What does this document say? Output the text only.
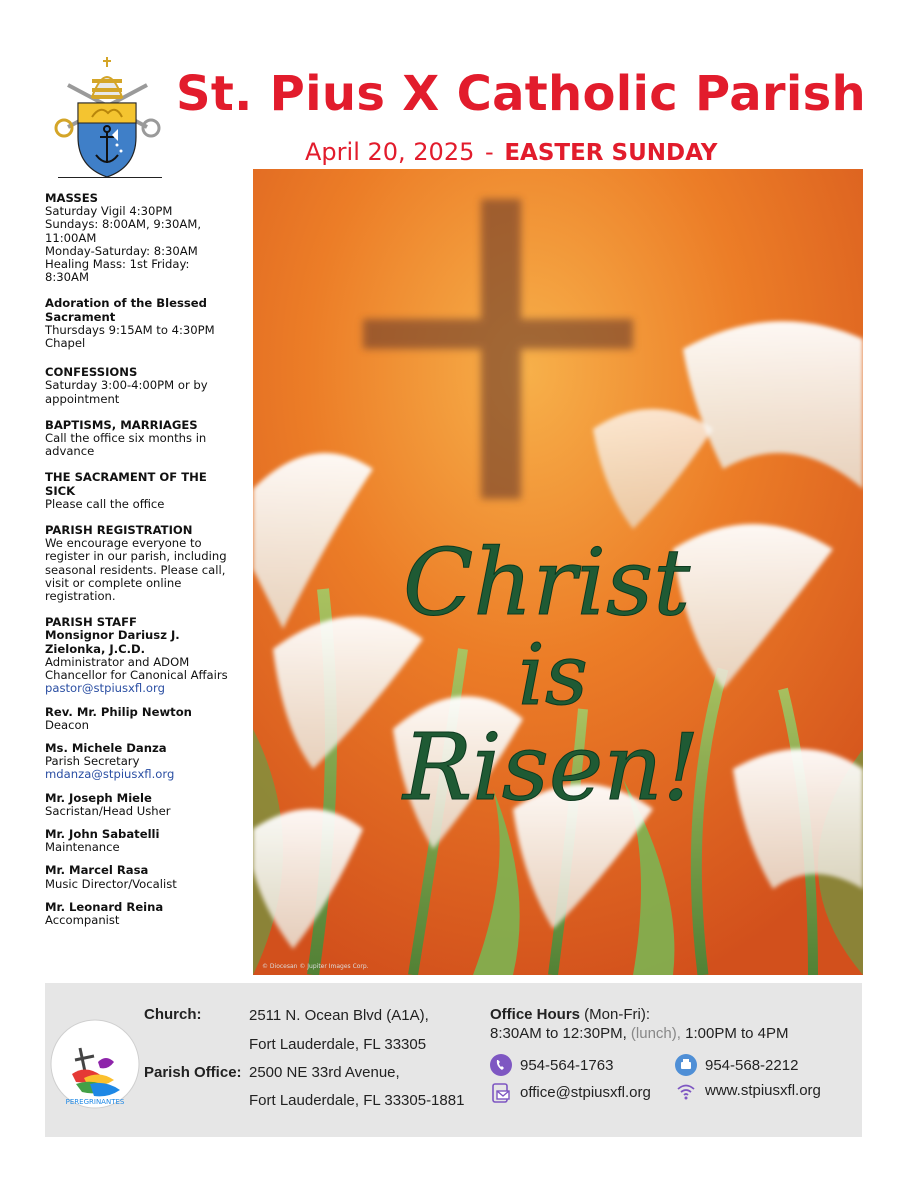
St. Pius X Catholic Parish
April 20, 2025 - EASTER SUNDAY
MASSES
Saturday Vigil 4:30PM
Sundays: 8:00AM, 9:30AM,
11:00AM
Monday-Saturday: 8:30AM
Healing Mass: 1st Friday:
8:30AM
Adoration of the Blessed
Sacrament
Thursdays 9:15AM to 4:30PM
Chapel
CONFESSIONS
Saturday 3:00-4:00PM or by
appointment
BAPTISMS, MARRIAGES
Call the office six months in
advance
THE SACRAMENT OF THE
SICK
Please call the office
PARISH REGISTRATION
We encourage everyone to
register in our parish, including
seasonal residents. Please call,
visit or complete online
registration.
PARISH STAFF
Monsignor Dariusz J.
Zielonka, J.C.D.
Administrator and ADOM
Chancellor for Canonical Affairs
pastor@stpiusxfl.org
Rev. Mr. Philip Newton
Deacon
Ms. Michele Danza
Parish Secretary
mdanza@stpiusxfl.org
Mr. Joseph Miele
Sacristan/Head Usher
Mr. John Sabatelli
Maintenance
Mr. Marcel Rasa
Music Director/Vocalist
Mr. Leonard Reina
Accompanist
Christ
is
Risen!
© Diocesan © Jupiter Images Corp.
PEREGRINANTES
Church:	2511 N. Ocean Blvd (A1A),
Fort Lauderdale, FL 33305
Parish Office: 2500 NE 33rd Avenue,
Fort Lauderdale, FL 33305-1881
Office Hours (Mon-Fri):
8:30AM to 12:30PM, (lunch), 1:00PM to 4PM
954-564-1763	954-568-2212
office@stpiusxfl.org	www.stpiusxfl.org
